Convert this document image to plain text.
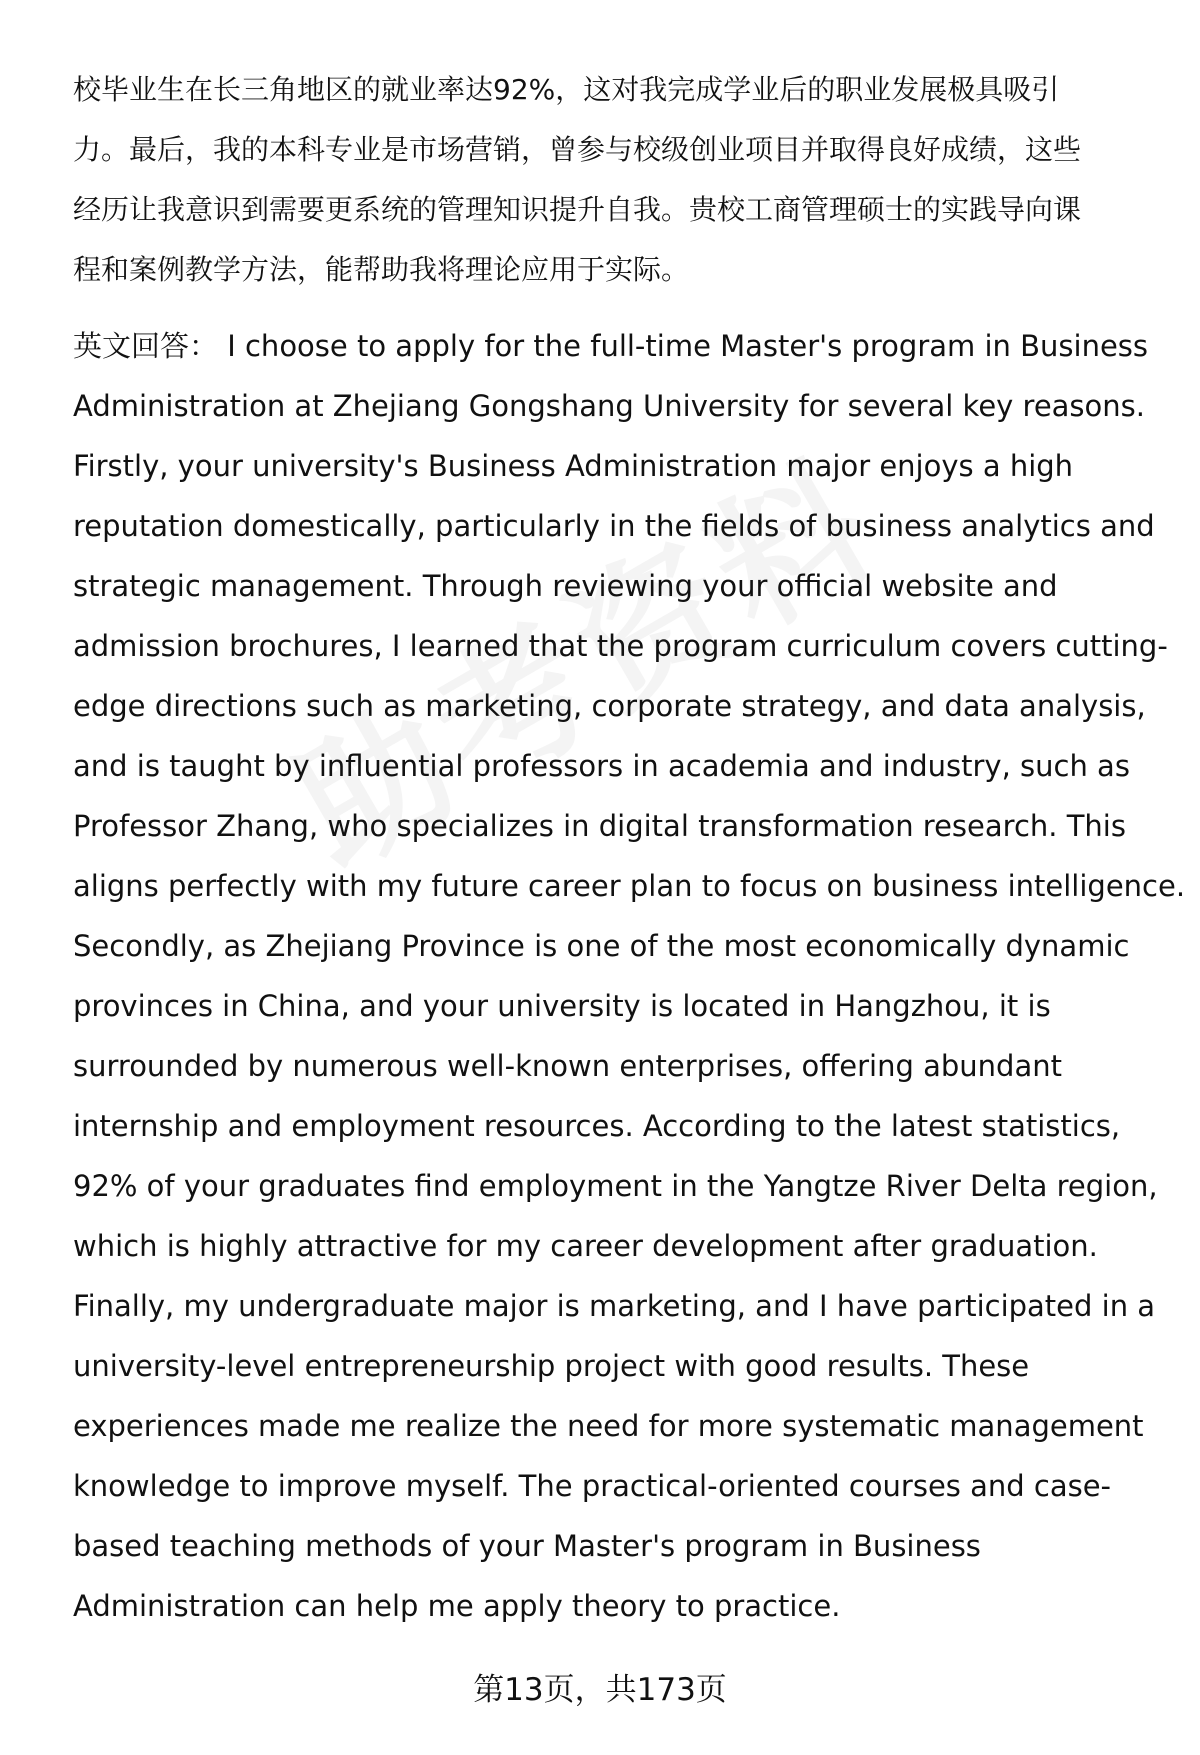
校毕业生在长三角地区的就业率达92%，这对我完成学业后的职业发展极具吸引
力。最后，我的本科专业是市场营销，曾参与校级创业项目并取得良好成绩，这些
经历让我意识到需要更系统的管理知识提升自我。贵校工商管理硕士的实践导向课
程和案例教学方法，能帮助我将理论应用于实际。

英文回答： I choose to apply for the full-time Master's program in Business
Administration at Zhejiang Gongshang University for several key reasons.
Firstly, your university's Business Administration major enjoys a high
reputation domestically, particularly in the fields of business analytics and
strategic management. Through reviewing your official website and
admission brochures, I learned that the program curriculum covers cutting-
edge directions such as marketing, corporate strategy, and data analysis,
and is taught by influential professors in academia and industry, such as
Professor Zhang, who specializes in digital transformation research. This
aligns perfectly with my future career plan to focus on business intelligence.
Secondly, as Zhejiang Province is one of the most economically dynamic
provinces in China, and your university is located in Hangzhou, it is
surrounded by numerous well-known enterprises, offering abundant
internship and employment resources. According to the latest statistics,
92% of your graduates find employment in the Yangtze River Delta region,
which is highly attractive for my career development after graduation.
Finally, my undergraduate major is marketing, and I have participated in a
university-level entrepreneurship project with good results. These
experiences made me realize the need for more systematic management
knowledge to improve myself. The practical-oriented courses and case-
based teaching methods of your Master's program in Business
Administration can help me apply theory to practice.

第13页，共173页
